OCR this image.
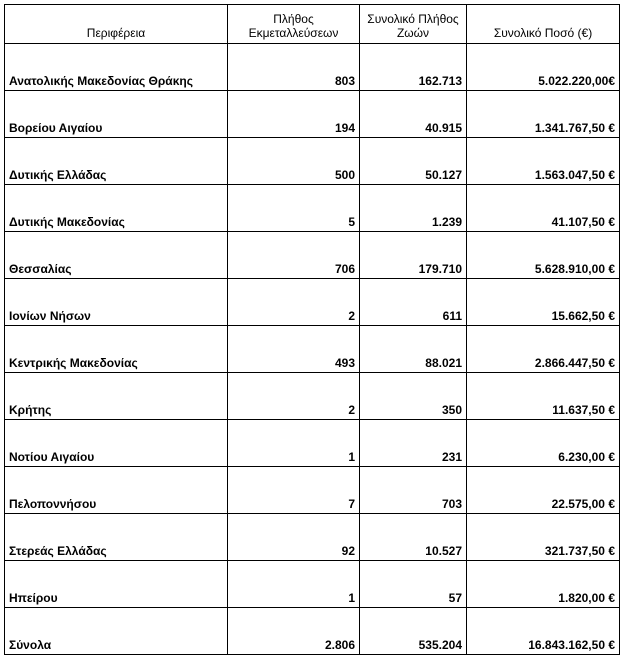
Περιφέρεια	Πλήθος Εκμεταλλεύσεων	Συνολικό Πλήθος Ζωών	Συνολικό Ποσό (€)
Ανατολικής Μακεδονίας Θράκης	803	162.713	5.022.220,00€
Βορείου Αιγαίου	194	40.915	1.341.767,50 €
Δυτικής Ελλάδας	500	50.127	1.563.047,50 €
Δυτικής Μακεδονίας	5	1.239	41.107,50 €
Θεσσαλίας	706	179.710	5.628.910,00 €
Ιονίων Νήσων	2	611	15.662,50 €
Κεντρικής Μακεδονίας	493	88.021	2.866.447,50 €
Κρήτης	2	350	11.637,50 €
Νοτίου Αιγαίου	1	231	6.230,00 €
Πελοποννήσου	7	703	22.575,00 €
Στερεάς Ελλάδας	92	10.527	321.737,50 €
Ηπείρου	1	57	1.820,00 €
Σύνολα	2.806	535.204	16.843.162,50 €
